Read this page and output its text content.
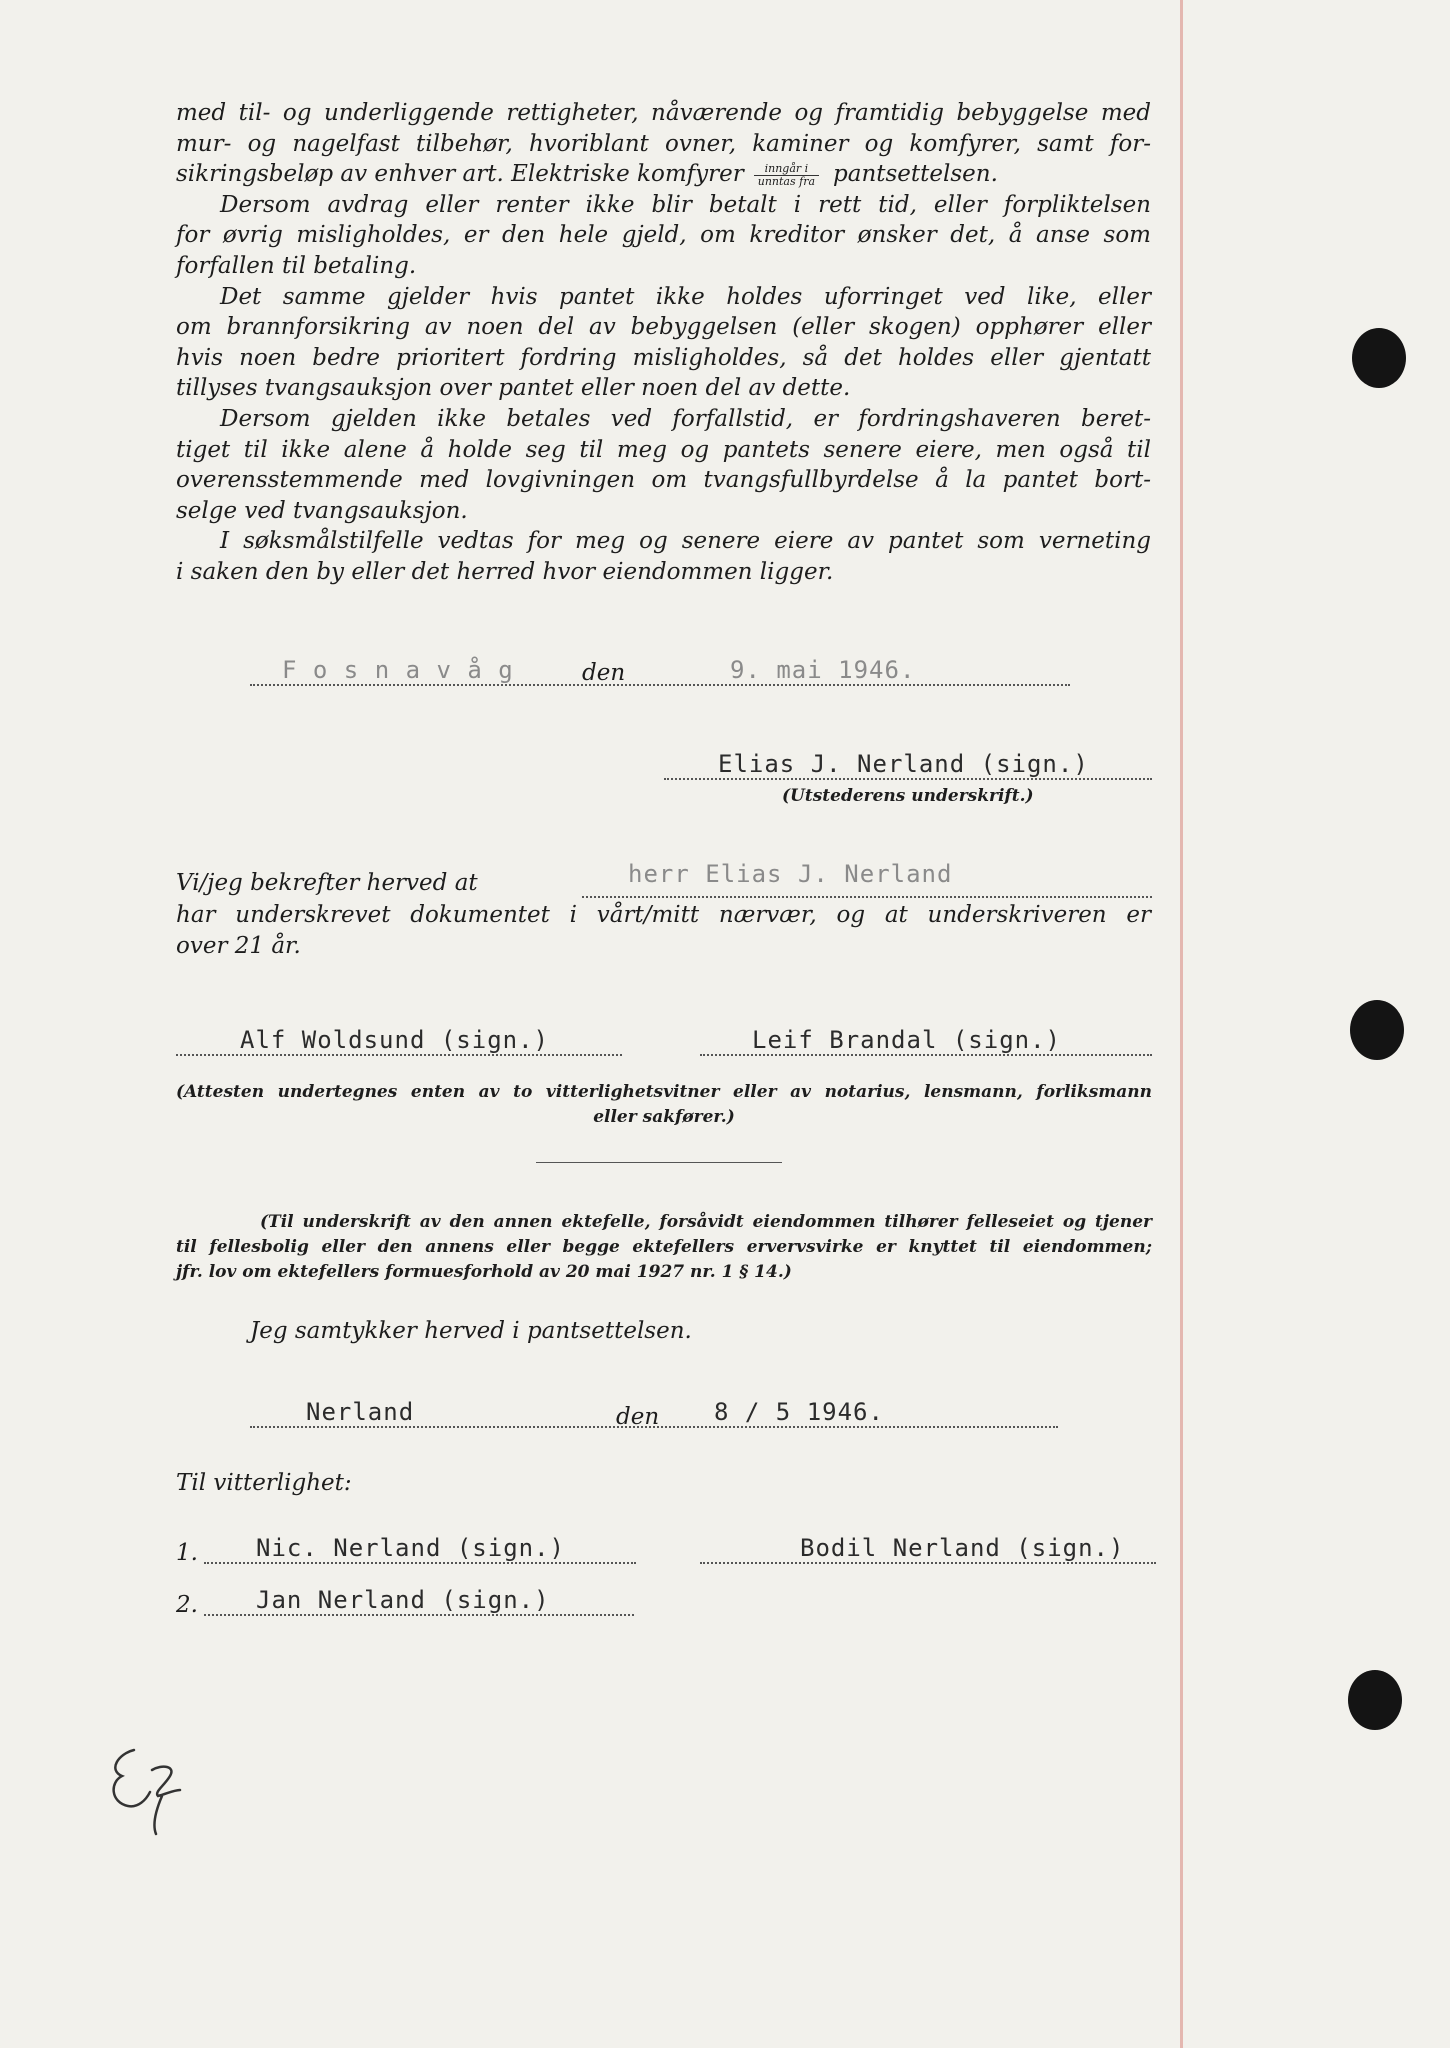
med til- og underliggende rettigheter, nåværende og framtidig bebyggelse med
mur- og nagelfast tilbehør, hvoriblant ovner, kaminer og komfyrer, samt for-
sikringsbeløp av enhver art. Elektriske komfyrer $\frac{\text{inngår i}}{\text{unntas fra}}$ pantsettelsen.
Dersom avdrag eller renter ikke blir betalt i rett tid, eller forpliktelsen
for øvrig misligholdes, er den hele gjeld, om kreditor ønsker det, å anse som
forfallen til betaling.
Det samme gjelder hvis pantet ikke holdes uforringet ved like, eller
om brannforsikring av noen del av bebyggelsen (eller skogen) opphører eller
hvis noen bedre prioritert fordring misligholdes, så det holdes eller gjentatt
tillyses tvangsauksjon over pantet eller noen del av dette.
Dersom gjelden ikke betales ved forfallstid, er fordringshaveren beret-
tiget til ikke alene å holde seg til meg og pantets senere eiere, men også til
overensstemmende med lovgivningen om tvangsfullbyrdelse å la pantet bort-
selge ved tvangsauksjon.
I søksmålstilfelle vedtas for meg og senere eiere av pantet som verneting
i saken den by eller det herred hvor eiendommen ligger.
F o s n a v å g	den	9. mai 1946.
Elias J. Nerland (sign.)
(Utstederens underskrift.)
Vi/jeg bekrefter herved at	herr Elias J. Nerland
har underskrevet dokumentet i vårt/mitt nærvær, og at underskriveren er
over 21 år.
Alf Woldsund (sign.)	Leif Brandal (sign.)
(Attesten undertegnes enten av to vitterlighetsvitner eller av notarius, lensmann, forliksmann
eller sakfører.)
(Til underskrift av den annen ektefelle, forsåvidt eiendommen tilhører felleseiet og tjener
til fellesbolig eller den annens eller begge ektefellers ervervsvirke er knyttet til eiendommen;
jfr. lov om ektefellers formuesforhold av 20 mai 1927 nr. 1 § 14.)
Jeg samtykker herved i pantsettelsen.
Nerland	den 8 / 5 1946.
Til vitterlighet:
1. Nic. Nerland (sign.)	Bodil Nerland (sign.)
2. Jan Nerland (sign.)
